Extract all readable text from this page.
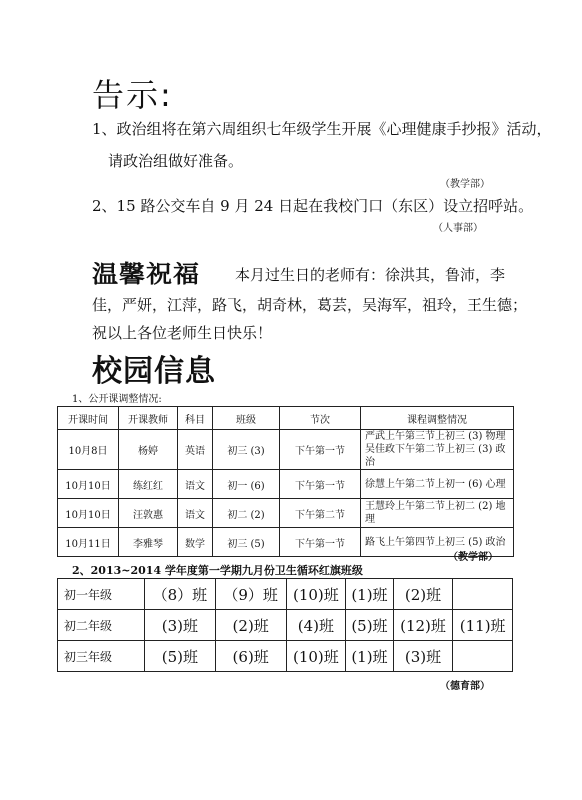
告示:
1、政治组将在第六周组织七年级学生开展《心理健康手抄报》活动，
请政治组做好准备。
（教学部）
2、15 路公交车自 9 月 24 日起在我校门口（东区）设立招呼站。
（人事部）
温馨祝福 本月过生日的老师有：徐洪其，鲁沛，李
佳，严妍，江萍，路飞，胡奇林，葛芸，吴海军，祖玲，王生德；
祝以上各位老师生日快乐！
校园信息
1、公开课调整情况:
开课时间	开课教师	科目	班级	节次	课程调整情况
10月8日	杨婷	英语	初三 (3)	下午第一节	严武上午第三节上初三 (3) 物理
吴佳政下午第二节上初三 (3) 政治

10月10日	练红红	语文	初一 (6)	下午第一节	徐慧上午第二节上初一 (6) 心理
10月10日	汪敦惠	语文	初二 (2)	下午第二节	王慧玲上午第二节上初二 (2) 地理
10月11日	李雅琴	数学	初三 (5)	下午第一节	路飞上午第四节上初三 (5) 政治
（教学部）
2、2013~2014 学年度第一学期九月份卫生循环红旗班级
初一年级	（8）班	（9）班	(10)班	(1)班	(2)班	
初二年级	(3)班	(2)班	(4)班	(5)班	(12)班	(11)班
初三年级	(5)班	(6)班	(10)班	(1)班	(3)班	
（德育部）
